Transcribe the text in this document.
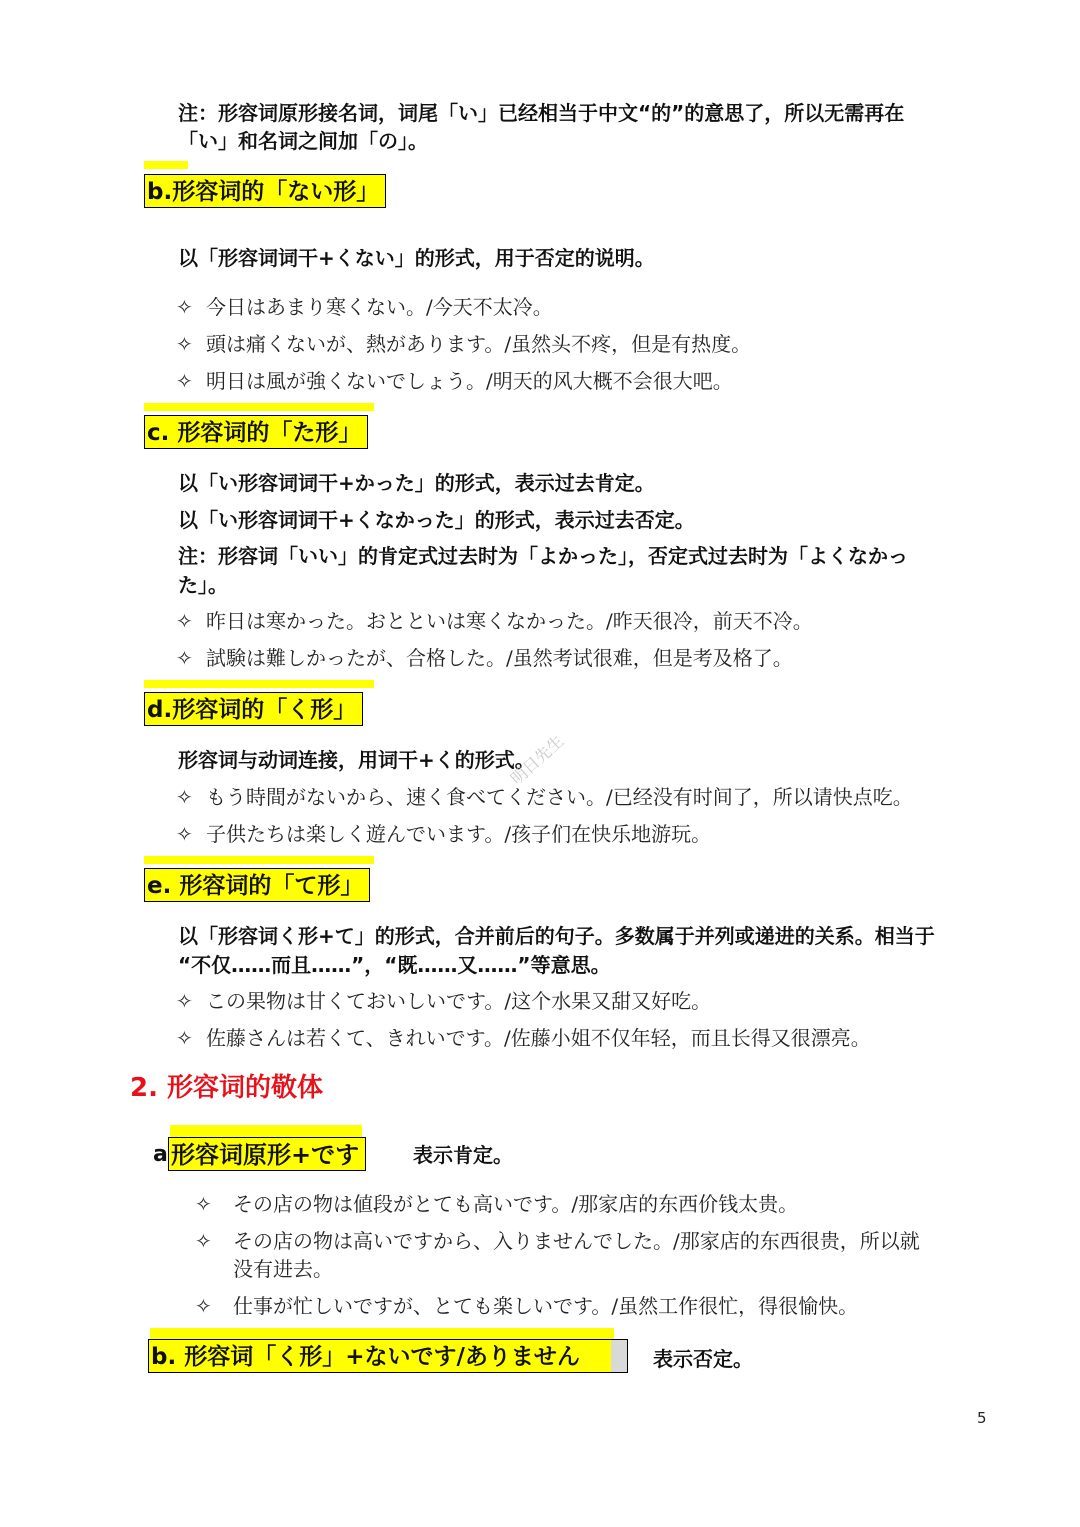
注：形容词原形接名词，词尾「い」已经相当于中文“的”的意思了，所以无需再在
「い」和名词之间加「の」。
b.形容词的「ない形」
以「形容词词干+くない」的形式，用于否定的说明。
✧ 今日はあまり寒くない。/今天不太冷。
✧ 頭は痛くないが、熱があります。/虽然头不疼，但是有热度。
✧ 明日は風が強くないでしょう。/明天的风大概不会很大吧。
c. 形容词的「た形」
以「い形容词词干+かった」的形式，表示过去肯定。
以「い形容词词干+くなかった」的形式，表示过去否定。
注：形容词「いい」的肯定式过去时为「よかった」，否定式过去时为「よくなかっ
た」。
✧ 昨日は寒かった。おとといは寒くなかった。/昨天很冷，前天不冷。
✧ 試験は難しかったが、合格した。/虽然考试很难，但是考及格了。
d.形容词的「く形」
形容词与动词连接，用词干+く的形式。
✧ もう時間がないから、速く食べてください。/已经没有时间了，所以请快点吃。
✧ 子供たちは楽しく遊んでいます。/孩子们在快乐地游玩。
明日先生
e. 形容词的「て形」
以「形容词く形+て」的形式，合并前后的句子。多数属于并列或递进的关系。相当于
“不仅……而且……”，“既……又……”等意思。
✧ この果物は甘くておいしいです。/这个水果又甜又好吃。
✧ 佐藤さんは若くて、きれいです。/佐藤小姐不仅年轻，而且长得又很漂亮。
2. 形容词的敬体
a 形容词原形+です	表示肯定。
✧ その店の物は値段がとても高いです。/那家店的东西价钱太贵。
✧ その店の物は高いですから、入りませんでした。/那家店的东西很贵，所以就
没有进去。
✧ 仕事が忙しいですが、とても楽しいです。/虽然工作很忙，得很愉快。
b. 形容词「く形」+ないです/ありません	表示否定。
5
